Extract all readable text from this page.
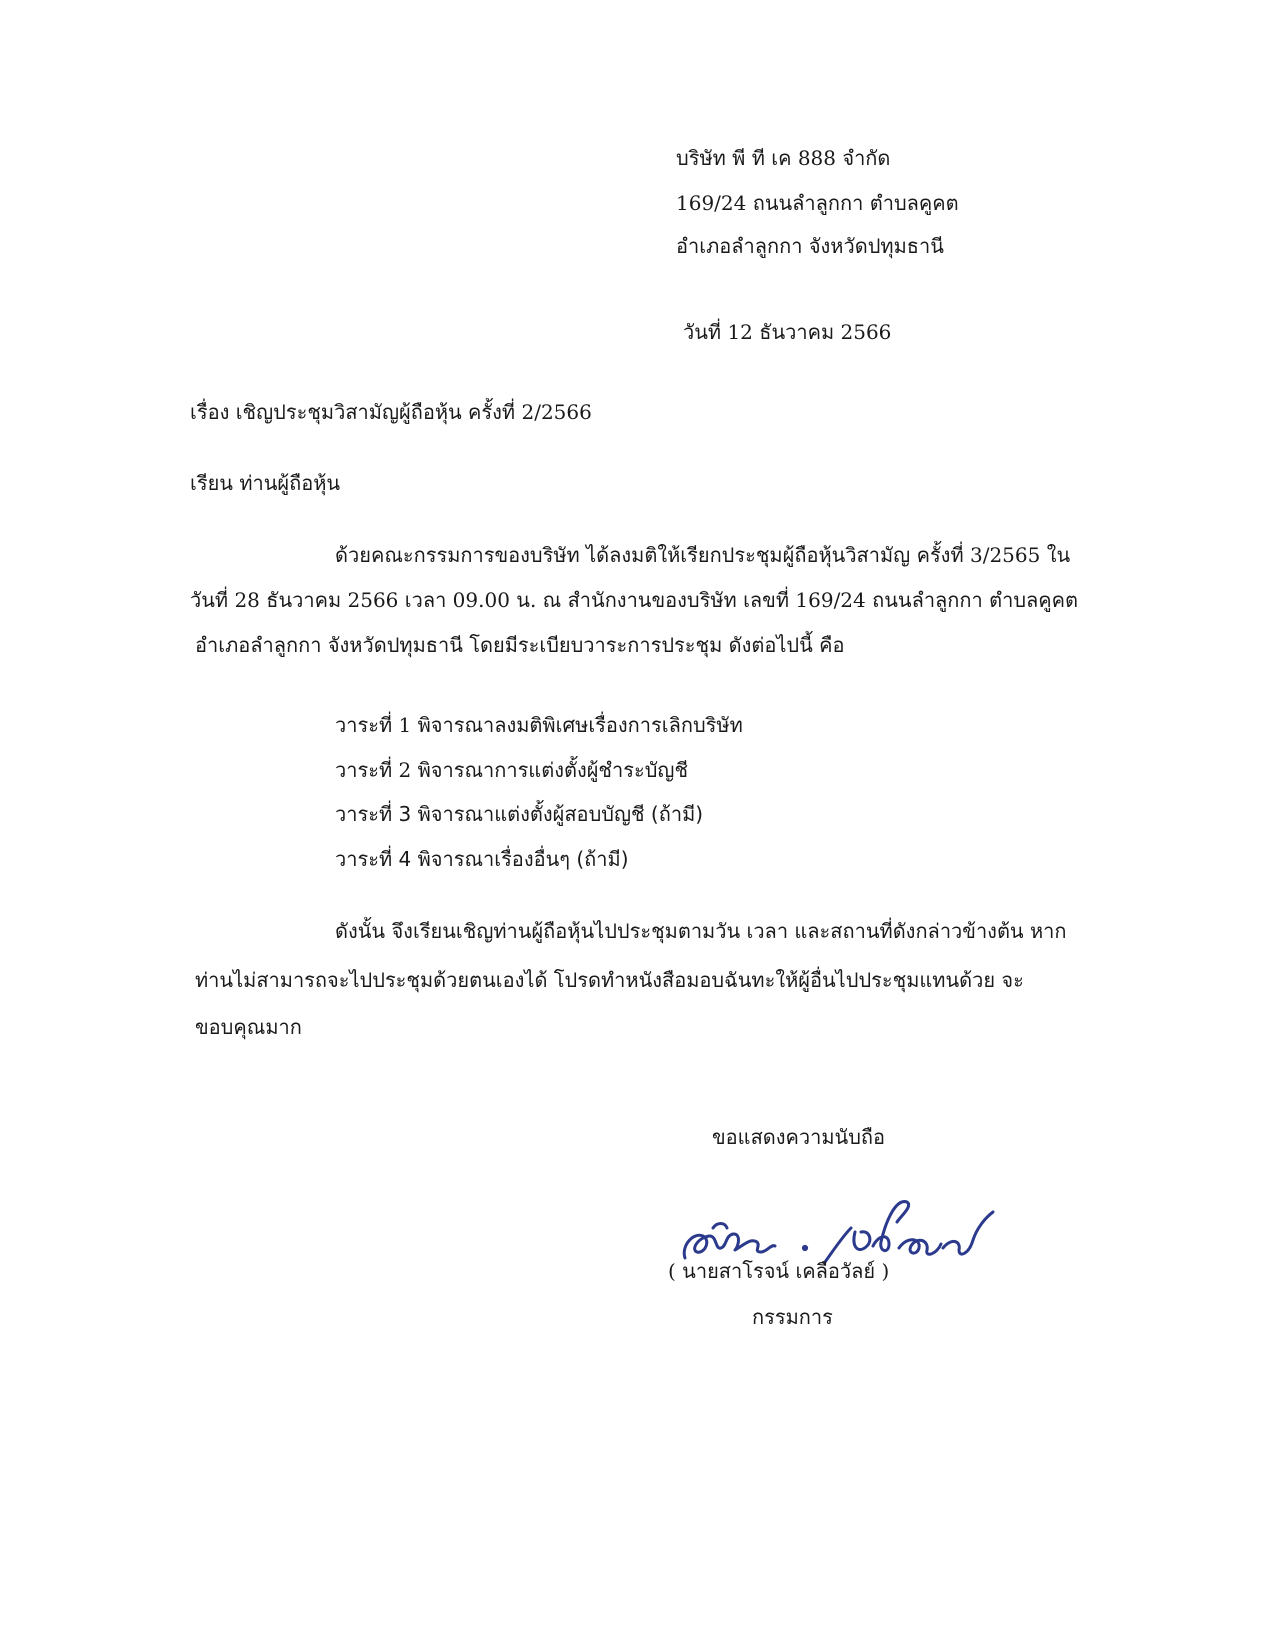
บริษัท พี ที เค 888 จำกัด
169/24 ถนนลำลูกกา ตำบลคูคต
อำเภอลำลูกกา จังหวัดปทุมธานี
วันที่ 12 ธันวาคม 2566
เรื่อง เชิญประชุมวิสามัญผู้ถือหุ้น ครั้งที่ 2/2566
เรียน ท่านผู้ถือหุ้น
ด้วยคณะกรรมการของบริษัท ได้ลงมติให้เรียกประชุมผู้ถือหุ้นวิสามัญ ครั้งที่ 3/2565 ใน
วันที่ 28 ธันวาคม 2566 เวลา 09.00 น. ณ สำนักงานของบริษัท เลขที่ 169/24 ถนนลำลูกกา ตำบลคูคต
อำเภอลำลูกกา จังหวัดปทุมธานี โดยมีระเบียบวาระการประชุม ดังต่อไปนี้ คือ
วาระที่ 1 พิจารณาลงมติพิเศษเรื่องการเลิกบริษัท
วาระที่ 2 พิจารณาการแต่งตั้งผู้ชำระบัญชี
วาระที่ 3 พิจารณาแต่งตั้งผู้สอบบัญชี (ถ้ามี)
วาระที่ 4 พิจารณาเรื่องอื่นๆ (ถ้ามี)
ดังนั้น จึงเรียนเชิญท่านผู้ถือหุ้นไปประชุมตามวัน เวลา และสถานที่ดังกล่าวข้างต้น หาก
ท่านไม่สามารถจะไปประชุมด้วยตนเองได้ โปรดทำหนังสือมอบฉันทะให้ผู้อื่นไปประชุมแทนด้วย จะ
ขอบคุณมาก
ขอแสดงความนับถือ
( นายสาโรจน์ เคลือวัลย์ )
กรรมการ
